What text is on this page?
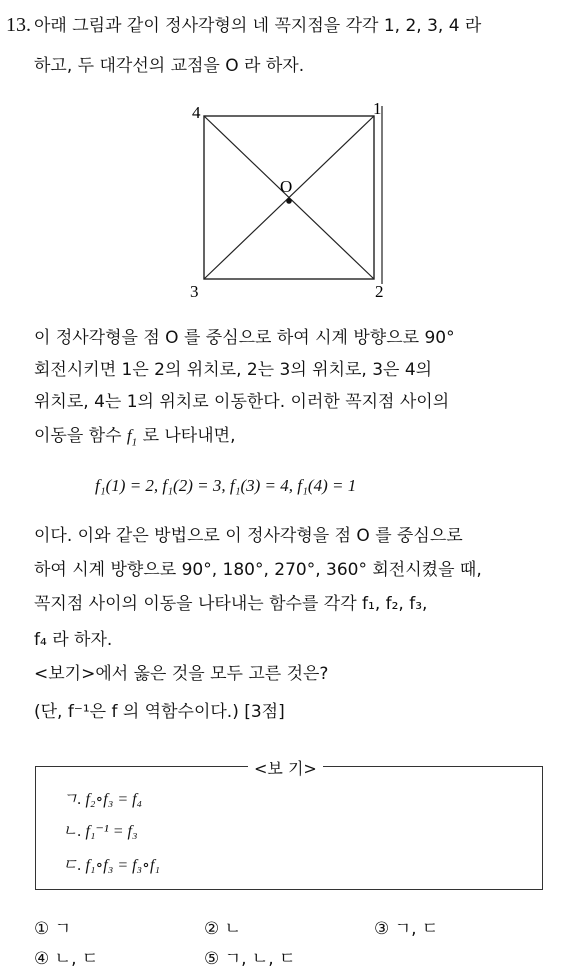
13. 아래 그림과 같이 정사각형의 네 꼭지점을 각각 1, 2, 3, 4 라
하고, 두 대각선의 교점을 O 라 하자.
4	1
3	2
O
이 정사각형을 점 O 를 중심으로 하여 시계 방향으로 90°
회전시키면 1은 2의 위치로, 2는 3의 위치로, 3은 4의
위치로, 4는 1의 위치로 이동한다. 이러한 꼭지점 사이의
이동을 함수 $f_1$ 로 나타내면,
f₁(1) = 2, f₁(2) = 3, f₁(3) = 4, f₁(4) = 1
이다. 이와 같은 방법으로 이 정사각형을 점 O 를 중심으로
하여 시계 방향으로 90°, 180°, 270°, 360° 회전시켰을 때,
꼭지점 사이의 이동을 나타내는 함수를 각각 f₁, f₂, f₃,
f₄ 라 하자.
<보기>에서 옳은 것을 모두 고른 것은?
(단, f⁻¹은 f 의 역함수이다.) [3점]
<보 기>
ㄱ. f₂∘f₃ = f₄
ㄴ. f₁⁻¹ = f₃
ㄷ. f₁∘f₃ = f₃∘f₁
① ㄱ	② ㄴ	③ ㄱ, ㄷ
④ ㄴ, ㄷ	⑤ ㄱ, ㄴ, ㄷ
